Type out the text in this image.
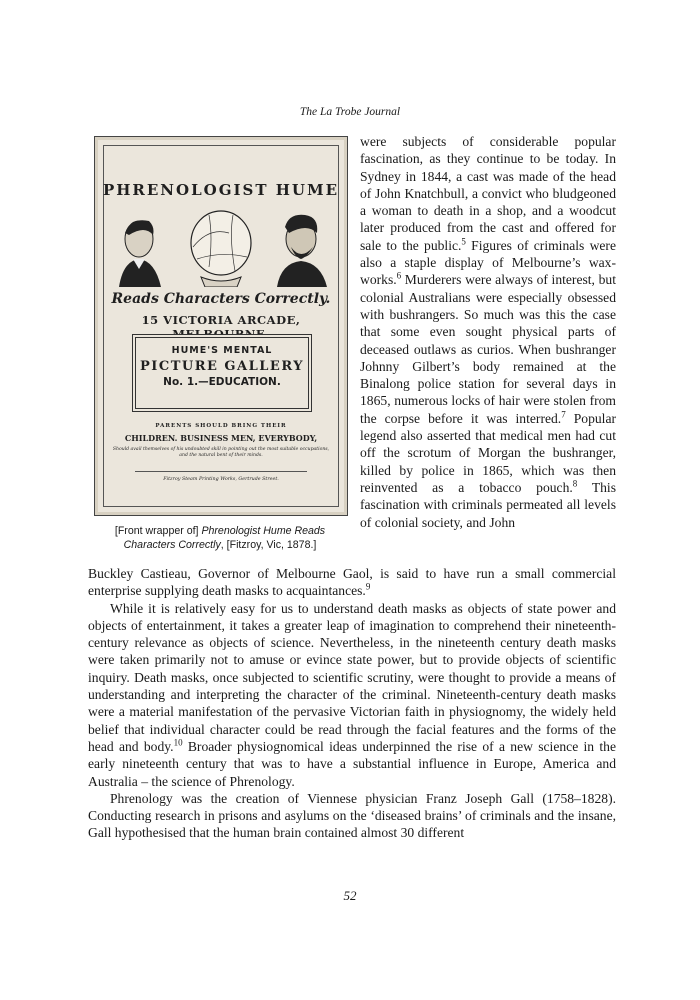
The La Trobe Journal
PHRENOLOGIST HUME
Reads Characters Correctly.
15 VICTORIA ARCADE, MELBOURNE.
HUME'S MENTAL
PICTURE GALLERY
No. 1.—EDUCATION.
PARENTS SHOULD BRING THEIR
CHILDREN. BUSINESS MEN, EVERYBODY,
Should avail themselves of his undoubted skill in pointing out the most suitable occupations, and the natural bent of their minds.
Fitzroy Steam Printing Works, Gertrude Street.
[Front wrapper of] Phrenologist Hume Reads Characters Correctly, [Fitzroy, Vic, 1878.]

were subjects of considerable popular fascination, as they continue to be today. In Sydney in 1844, a cast was made of the head of John Knatchbull, a convict who bludgeoned a woman to death in a shop, and a woodcut later produced from the cast and offered for sale to the public.$^5$ Figures of criminals were also a staple display of Melbourne’s wax-works.$^6$ Murderers were always of interest, but colonial Australians were especially obsessed with bushrangers. So much was this the case that some even sought physical parts of deceased outlaws as curios. When bushranger Johnny Gilbert’s body remained at the Binalong police station for several days in 1865, numerous locks of hair were stolen from the corpse before it was interred.$^7$ Popular legend also asserted that medical men had cut off the scrotum of Morgan the bushranger, killed by police in 1865, which was then reinvented as a tobacco pouch.$^8$ This fascination with criminals permeated all levels of colonial society, and John

Buckley Castieau, Governor of Melbourne Gaol, is said to have run a small commercial enterprise supplying death masks to acquaintances.$^9$

While it is relatively easy for us to understand death masks as objects of state power and objects of entertainment, it takes a greater leap of imagination to comprehend their nineteenth-century relevance as objects of science. Nevertheless, in the nineteenth century death masks were taken primarily not to amuse or evince state power, but to provide objects of scientific inquiry. Death masks, once subjected to scientific scrutiny, were thought to provide a means of understanding and interpreting the character of the criminal. Nineteenth-century death masks were a material manifestation of the pervasive Victorian faith in physiognomy, the widely held belief that individual character could be read through the facial features and the forms of the head and body.$^{10}$ Broader physiognomical ideas underpinned the rise of a new science in the early nineteenth century that was to have a substantial influence in Europe, America and Australia – the science of Phrenology.

Phrenology was the creation of Viennese physician Franz Joseph Gall (1758–1828). Conducting research in prisons and asylums on the ‘diseased brains’ of criminals and the insane, Gall hypothesised that the human brain contained almost 30 different

52
